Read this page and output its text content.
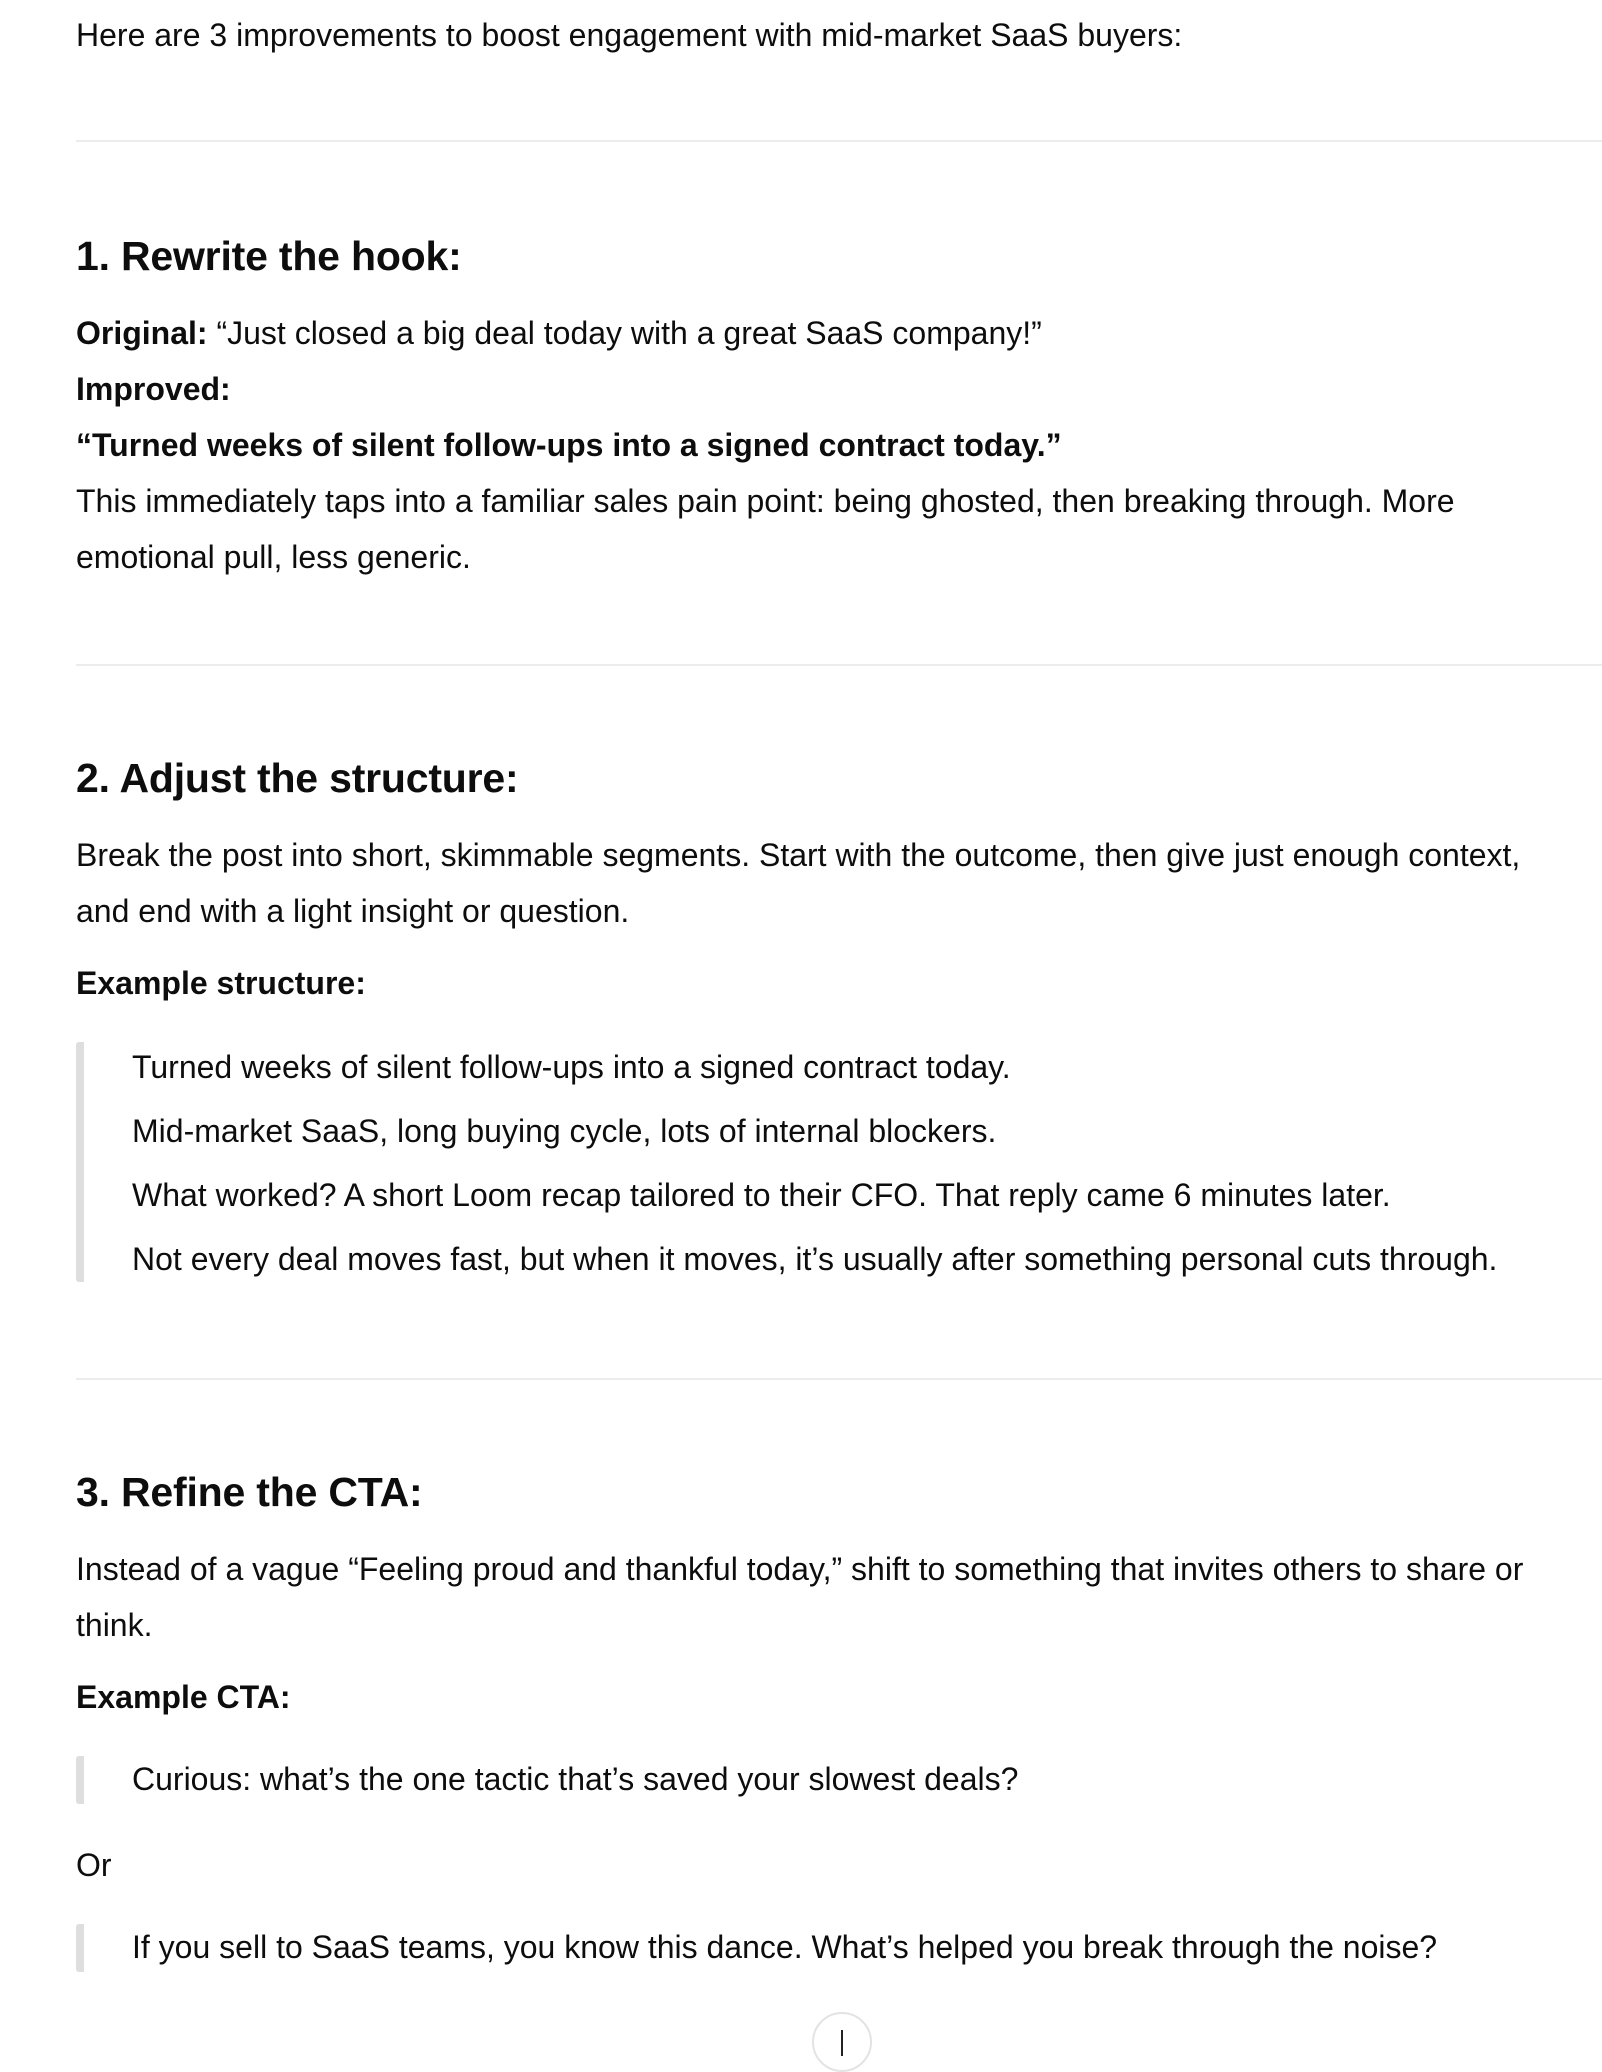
Here are 3 improvements to boost engagement with mid-market SaaS buyers:

1. Rewrite the hook:

Original: “Just closed a big deal today with a great SaaS company!”

Improved:

“Turned weeks of silent follow-ups into a signed contract today.”

This immediately taps into a familiar sales pain point: being ghosted, then breaking through. More emotional pull, less generic.

2. Adjust the structure:

Break the post into short, skimmable segments. Start with the outcome, then give just enough context, and end with a light insight or question.

Example structure:

Turned weeks of silent follow-ups into a signed contract today.

Mid-market SaaS, long buying cycle, lots of internal blockers.

What worked? A short Loom recap tailored to their CFO. That reply came 6 minutes later.

Not every deal moves fast, but when it moves, it’s usually after something personal cuts through.

3. Refine the CTA:

Instead of a vague “Feeling proud and thankful today,” shift to something that invites others to share or think.

Example CTA:

Curious: what’s the one tactic that’s saved your slowest deals?

Or

If you sell to SaaS teams, you know this dance. What’s helped you break through the noise?
